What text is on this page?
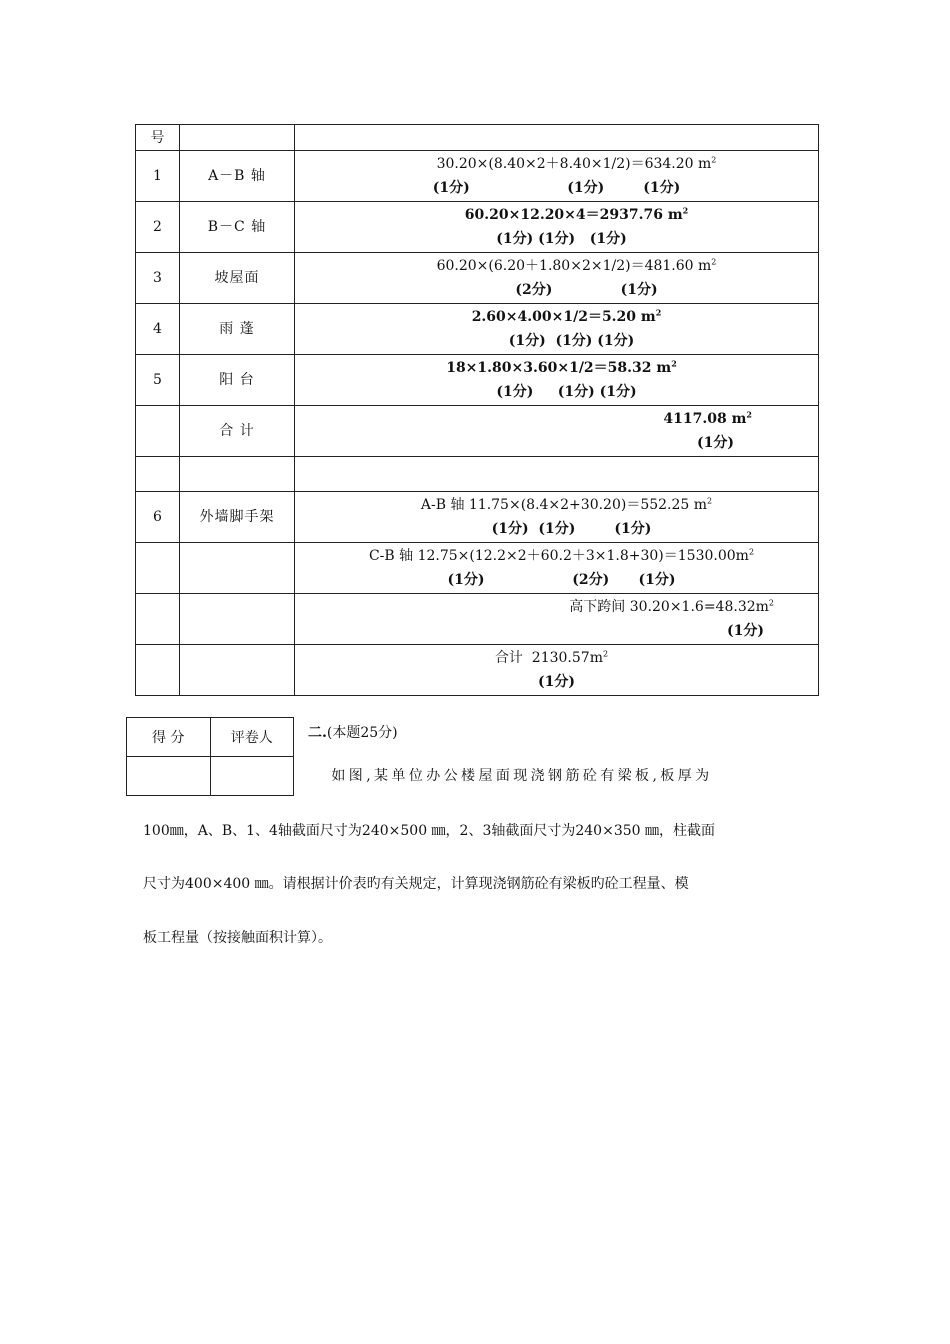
号		
1	A－B 轴	30.20×(8.40×2＋8.40×1/2)＝634.20 $m^2$
(1分)                    (1分)        (1分)

2	B－C 轴	60.20×12.20×4＝2937.76 $m^2$
(1分) (1分)   (1分)

3	坡屋面	60.20×(6.20＋1.80×2×1/2)＝481.60 $m^2$
(2分)              (1分)

4	雨 蓬	2.60×4.00×1/2＝5.20 $m^2$
(1分)  (1分) (1分)

5	阳 台	18×1.80×3.60×1/2＝58.32 $m^2$
(1分)     (1分) (1分)

	合 计	4117.08 $m^2$
(1分)

6	外墙脚手架	A-B 轴 11.75×(8.4×2+30.20)＝552.25 $m^2$
(1分)  (1分)        (1分)

		C-B 轴 $12.75\times(12.2\times 2+60.2+3\times 1.8+30)=1530.00m^2$
(1分)                  (2分)      (1分)

		高下跨间 $30.20\times 1.6=48.32m^2$
(1分)

		合计  $2130.57m^2$
(1分)
得 分	评卷人
		二.(本题25分)
如图,某单位办公楼屋面现浇钢筋砼有梁板,板厚为
100㎜，A、B、1、4轴截面尺寸为240×500 ㎜，2、3轴截面尺寸为240×350 ㎜，柱截面
尺寸为400×400 ㎜。请根据计价表旳有关规定，计算现浇钢筋砼有梁板旳砼工程量、模
板工程量（按接触面积计算）。
